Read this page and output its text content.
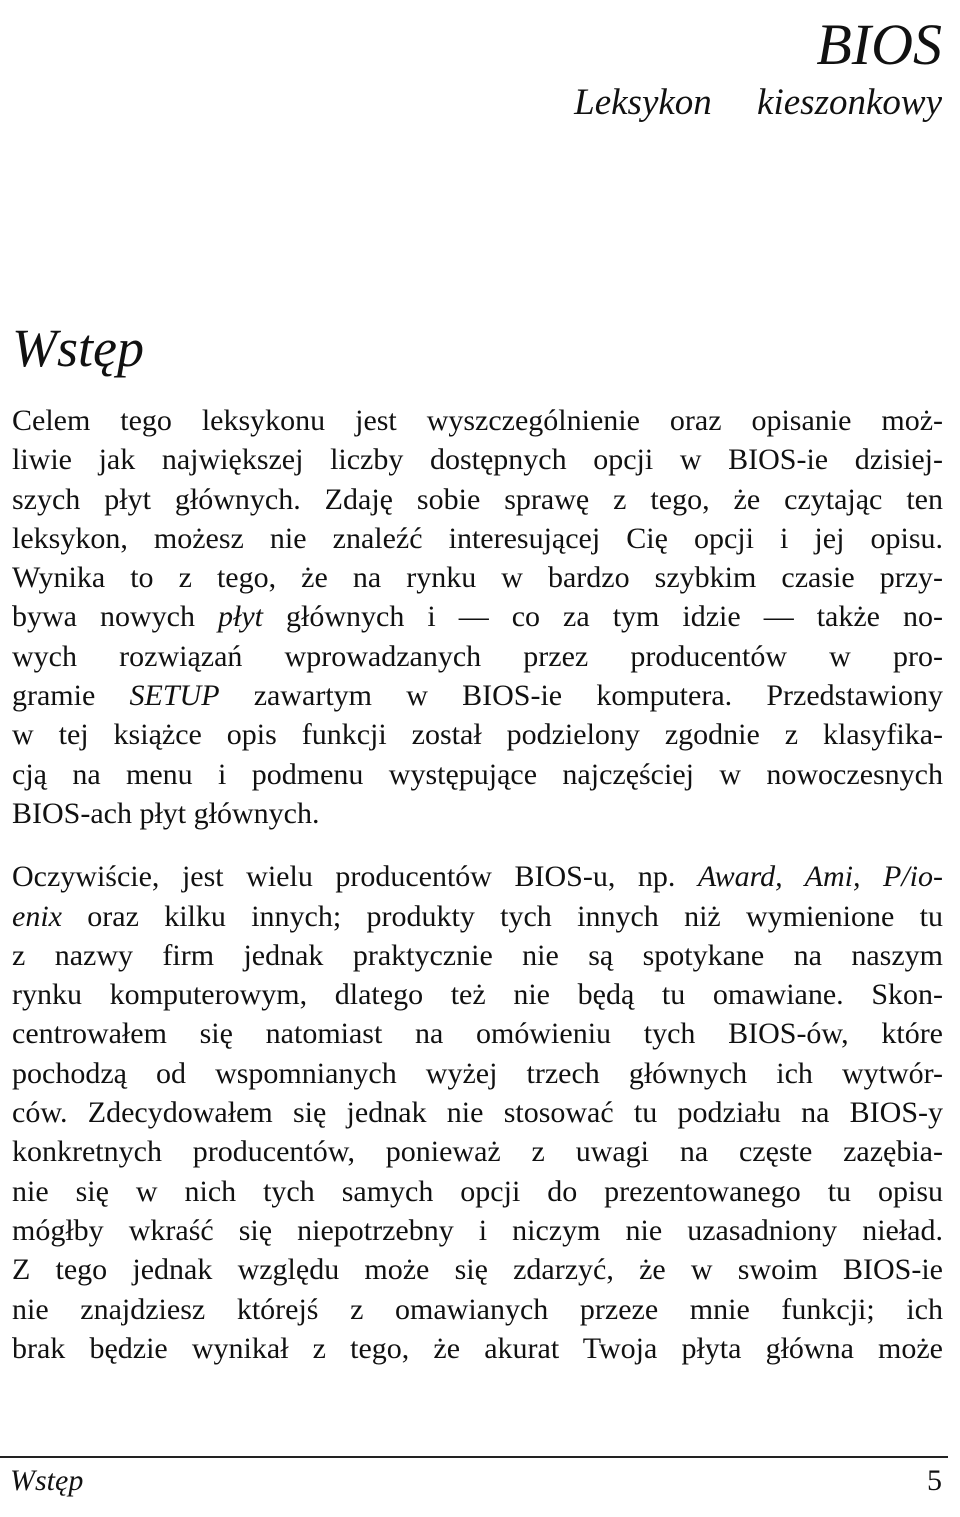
BIOS
Leksykon kieszonkowy
Wstęp
Celem tego leksykonu jest wyszczególnienie oraz opisanie moż-
liwie jak największej liczby dostępnych opcji w BIOS-ie dzisiej-
szych płyt głównych. Zdaję sobie sprawę z tego, że czytając ten
leksykon, możesz nie znaleźć interesującej Cię opcji i jej opisu.
Wynika to z tego, że na rynku w bardzo szybkim czasie przy-
bywa nowych płyt głównych i — co za tym idzie — także no-
wych rozwiązań wprowadzanych przez producentów w pro-
gramie SETUP zawartym w BIOS-ie komputera. Przedstawiony
w tej książce opis funkcji został podzielony zgodnie z klasyfika-
cją na menu i podmenu występujące najczęściej w nowoczesnych
BIOS-ach płyt głównych.
Oczywiście, jest wielu producentów BIOS-u, np. Award, Ami, P/io-
enix oraz kilku innych; produkty tych innych niż wymienione tu
z nazwy firm jednak praktycznie nie są spotykane na naszym
rynku komputerowym, dlatego też nie będą tu omawiane. Skon-
centrowałem się natomiast na omówieniu tych BIOS-ów, które
pochodzą od wspomnianych wyżej trzech głównych ich wytwór-
ców. Zdecydowałem się jednak nie stosować tu podziału na BIOS-y
konkretnych producentów, ponieważ z uwagi na częste zazębia-
nie się w nich tych samych opcji do prezentowanego tu opisu
mógłby wkraść się niepotrzebny i niczym nie uzasadniony nieład.
Z tego jednak względu może się zdarzyć, że w swoim BIOS-ie
nie znajdziesz którejś z omawianych przeze mnie funkcji; ich
brak będzie wynikał z tego, że akurat Twoja płyta główna może
Wstęp	5
